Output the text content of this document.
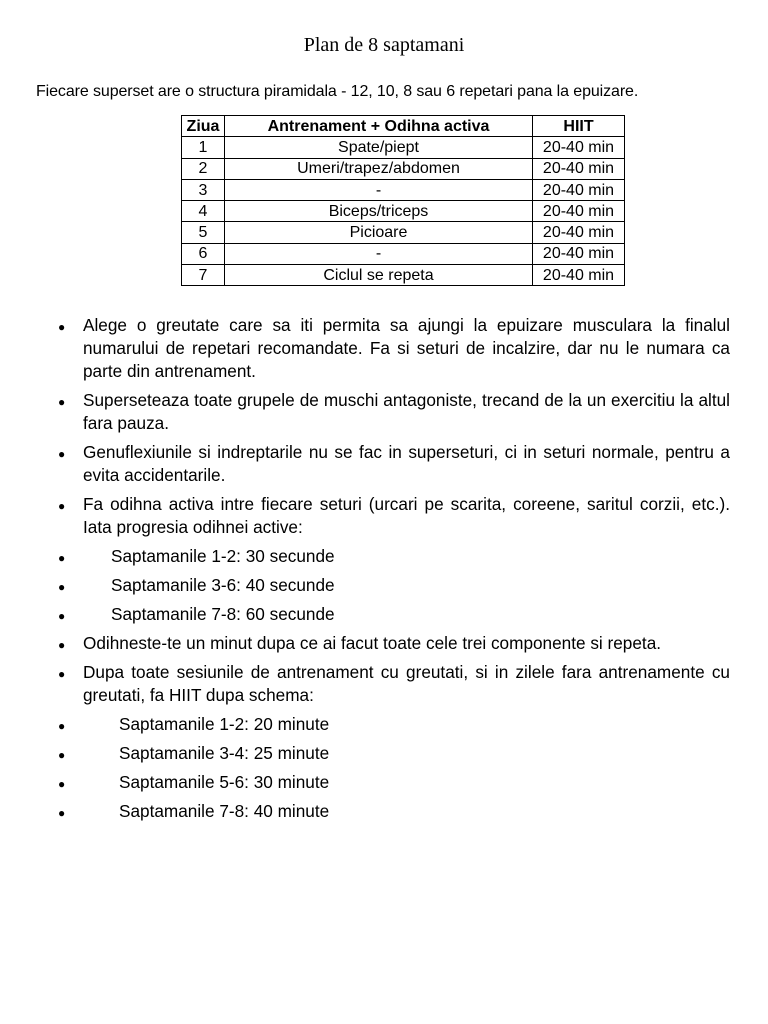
Plan de 8 saptamani
Fiecare superset are o structura piramidala - 12, 10, 8 sau 6 repetari pana la epuizare.
Ziua	Antrenament + Odihna activa	HIIT
1	Spate/piept	20-40 min
2	Umeri/trapez/abdomen	20-40 min
3	-	20-40 min
4	Biceps/triceps	20-40 min
5	Picioare	20-40 min
6	-	20-40 min
7	Ciclul se repeta	20-40 min
● Alege o greutate care sa iti permita sa ajungi la epuizare musculara la finalul numarului de repetari recomandate. Fa si seturi de incalzire, dar nu le numara ca parte din antrenament.
● Superseteaza toate grupele de muschi antagoniste, trecand de la un exercitiu la altul fara pauza.
● Genuflexiunile si indreptarile nu se fac in superseturi, ci in seturi normale, pentru a evita accidentarile.
● Fa odihna activa intre fiecare seturi (urcari pe scarita, coreene, saritul corzii, etc.). Iata progresia odihnei active:
●	Saptamanile 1-2: 30 secunde
●	Saptamanile 3-6: 40 secunde
●	Saptamanile 7-8: 60 secunde
● Odihneste-te un minut dupa ce ai facut toate cele trei componente si repeta.
● Dupa toate sesiunile de antrenament cu greutati, si in zilele fara antrenamente cu greutati, fa HIIT dupa schema:
●	Saptamanile 1-2: 20 minute
●	Saptamanile 3-4: 25 minute
●	Saptamanile 5-6: 30 minute
●	Saptamanile 7-8: 40 minute
